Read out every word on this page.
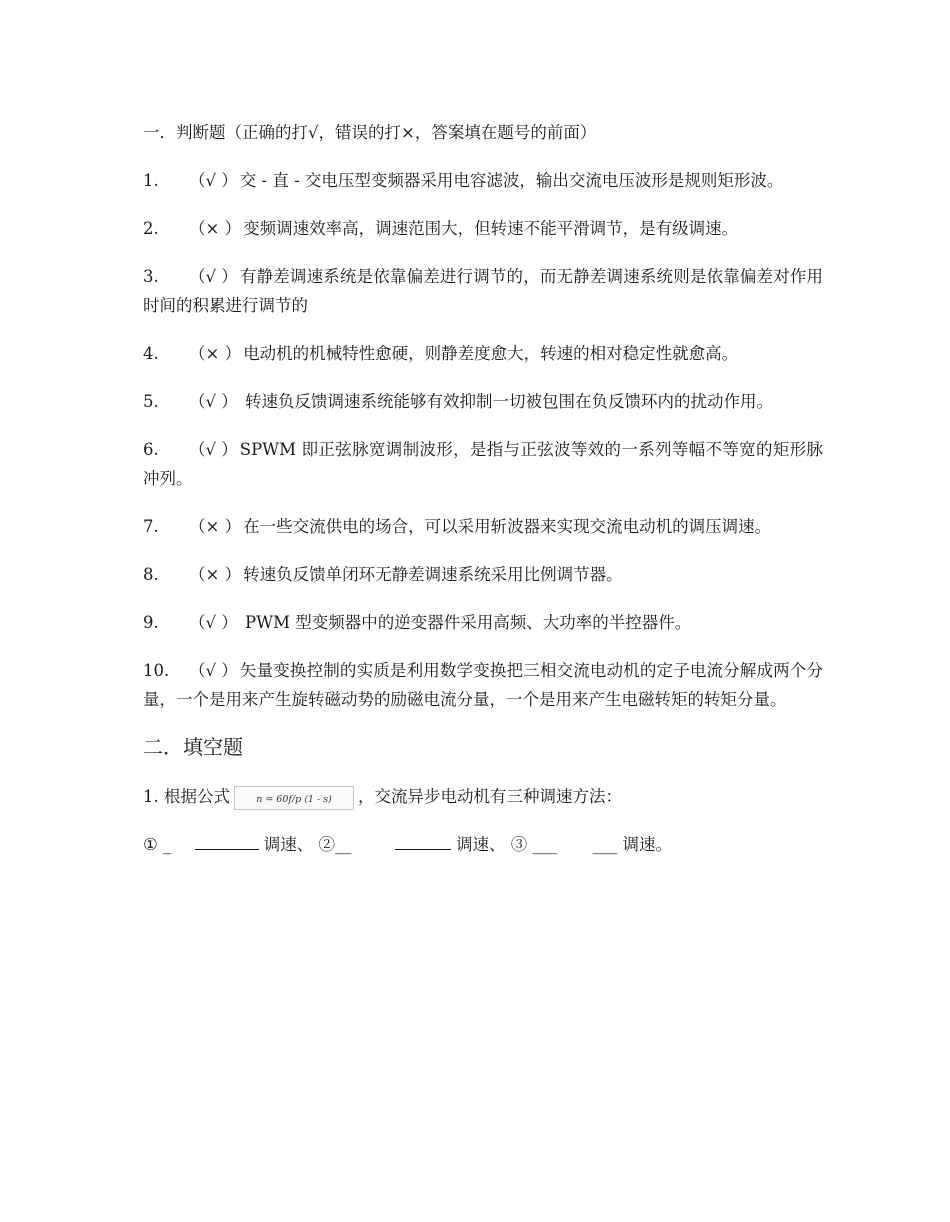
一．判断题（正确的打√，错误的打×，答案填在题号的前面）

1. （√ ） 交 - 直 - 交电压型变频器采用电容滤波，输出交流电压波形是规则矩形波。

2. （× ） 变频调速效率高，调速范围大，但转速不能平滑调节，是有级调速。

3. （√ ） 有静差调速系统是依靠偏差进行调节的，而无静差调速系统则是依靠偏差对作用时间的积累进行调节的

4. （× ） 电动机的机械特性愈硬，则静差度愈大，转速的相对稳定性就愈高。

5. （√ ） 转速负反馈调速系统能够有效抑制一切被包围在负反馈环内的扰动作用。

6. （√ ） SPWM 即正弦脉宽调制波形，是指与正弦波等效的一系列等幅不等宽的矩形脉冲列。

7. （× ） 在一些交流供电的场合，可以采用斩波器来实现交流电动机的调压调速。

8. （× ） 转速负反馈单闭环无静差调速系统采用比例调节器。

9. （√ ） PWM 型变频器中的逆变器件采用高频、大功率的半控器件。

10. （√ ） 矢量变换控制的实质是利用数学变换把三相交流电动机的定子电流分解成两个分量，一个是用来产生旋转磁动势的励磁电流分量，一个是用来产生电磁转矩的转矩分量。

二．填空题

1. 根据公式	n = 60f/p (1 - s) ，交流异步电动机有三种调速方法：

① _	调速、 ②__	调速、 ③ ___ ___ 调速。
